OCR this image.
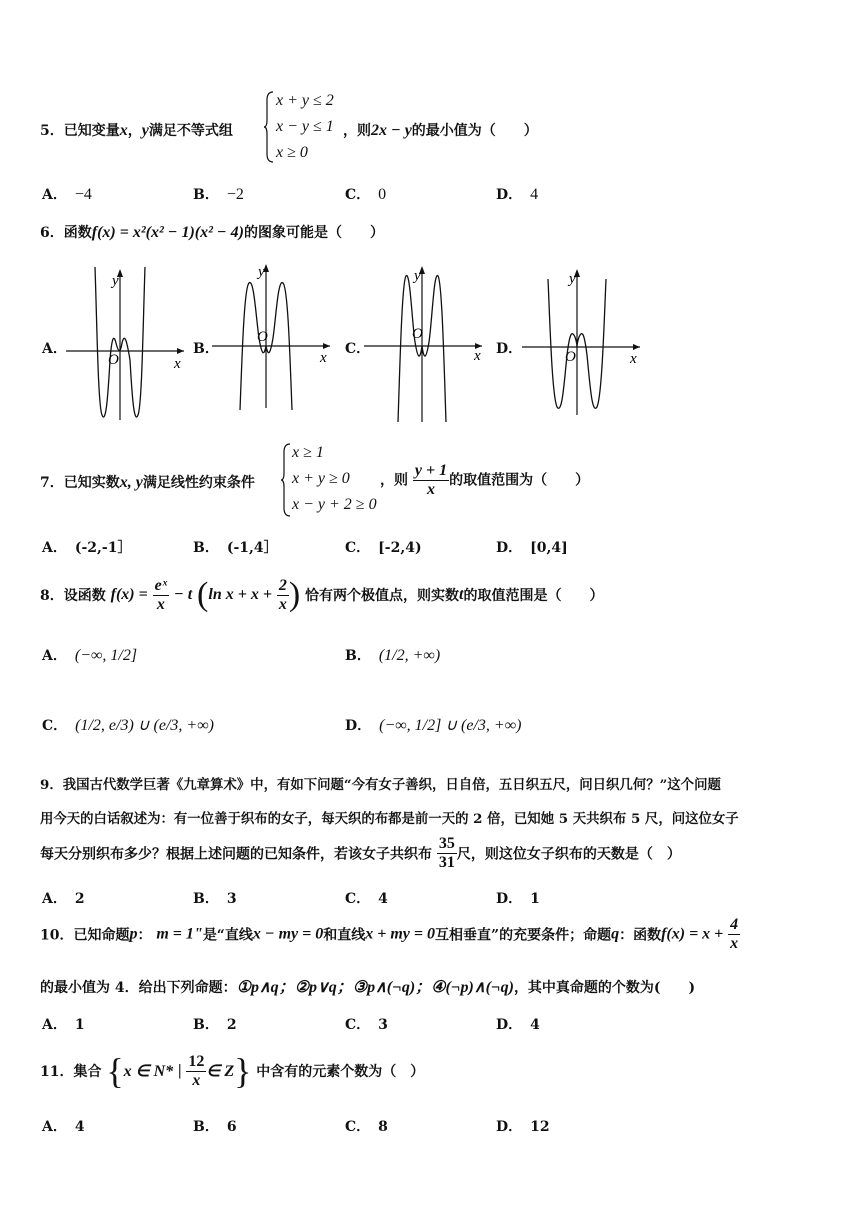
5．已知变量x，y满足不等式组
x + y ≤ 2
x − y ≤ 1
x ≥ 0
，则2x − y的最小值为（　　）
A． −4	B． −2	C． 0	D． 4
6．函数f(x) = x²(x² − 1)(x² − 4)的图象可能是（　　）
A．
y
x
O
B．
y
x
O
C．
y
x
O
D．
y
x
O
7．已知实数x, y满足线性约束条件
x ≥ 1
x + y ≥ 0
x − y + 2 ≥ 0
，则 $\frac{y + 1}{x}$ 的取值范围为（　　）
A． (-2,-1］	B． (-1,4］	C． [-2,4)	D． [0,4]
8．设函数 $f(x) = \frac{\text{eˣ}}{x} - t$ (ln $x + x + \frac{2}{x}$ ) 恰有两个极值点，则实数t的取值范围是（　　）
A． (−∞, 1/2]	B． (1/2, +∞)
C． (1/2, e/3) ∪ (e/3, +∞)	D． (−∞, 1/2] ∪ (e/3, +∞)
9．我国古代数学巨著《九章算术》中，有如下问题“今有女子善织，日自倍，五日织五尺，问日织几何？”这个问题
用今天的白话叙述为：有一位善于织布的女子，每天织的布都是前一天的 2 倍，已知她 5 天共织布 5 尺，问这位女子
每天分别织布多少？根据上述问题的已知条件，若该女子共织布 $\frac{35}{31}$ 尺，则这位女子织布的天数是（　）
A． 2	B． 3	C． 4	D． 1
10．已知命题p： m = 1"是“直线x − my = 0和直线x + my = 0互相垂直”的充要条件；命题q：函数$f(x) = x + \frac{4}{x}$
的最小值为 4．给出下列命题：①p∧q；②p∨q；③p∧(¬q)；④(¬p)∧(¬q)，其中真命题的个数为(　　)
A． 1	B． 2	C． 3	D． 4
11．集合 {x ∈ N* | $\frac{12}{x}$ ∈ Z} 中含有的元素个数为（　）
A． 4	B． 6	C． 8	D． 12
